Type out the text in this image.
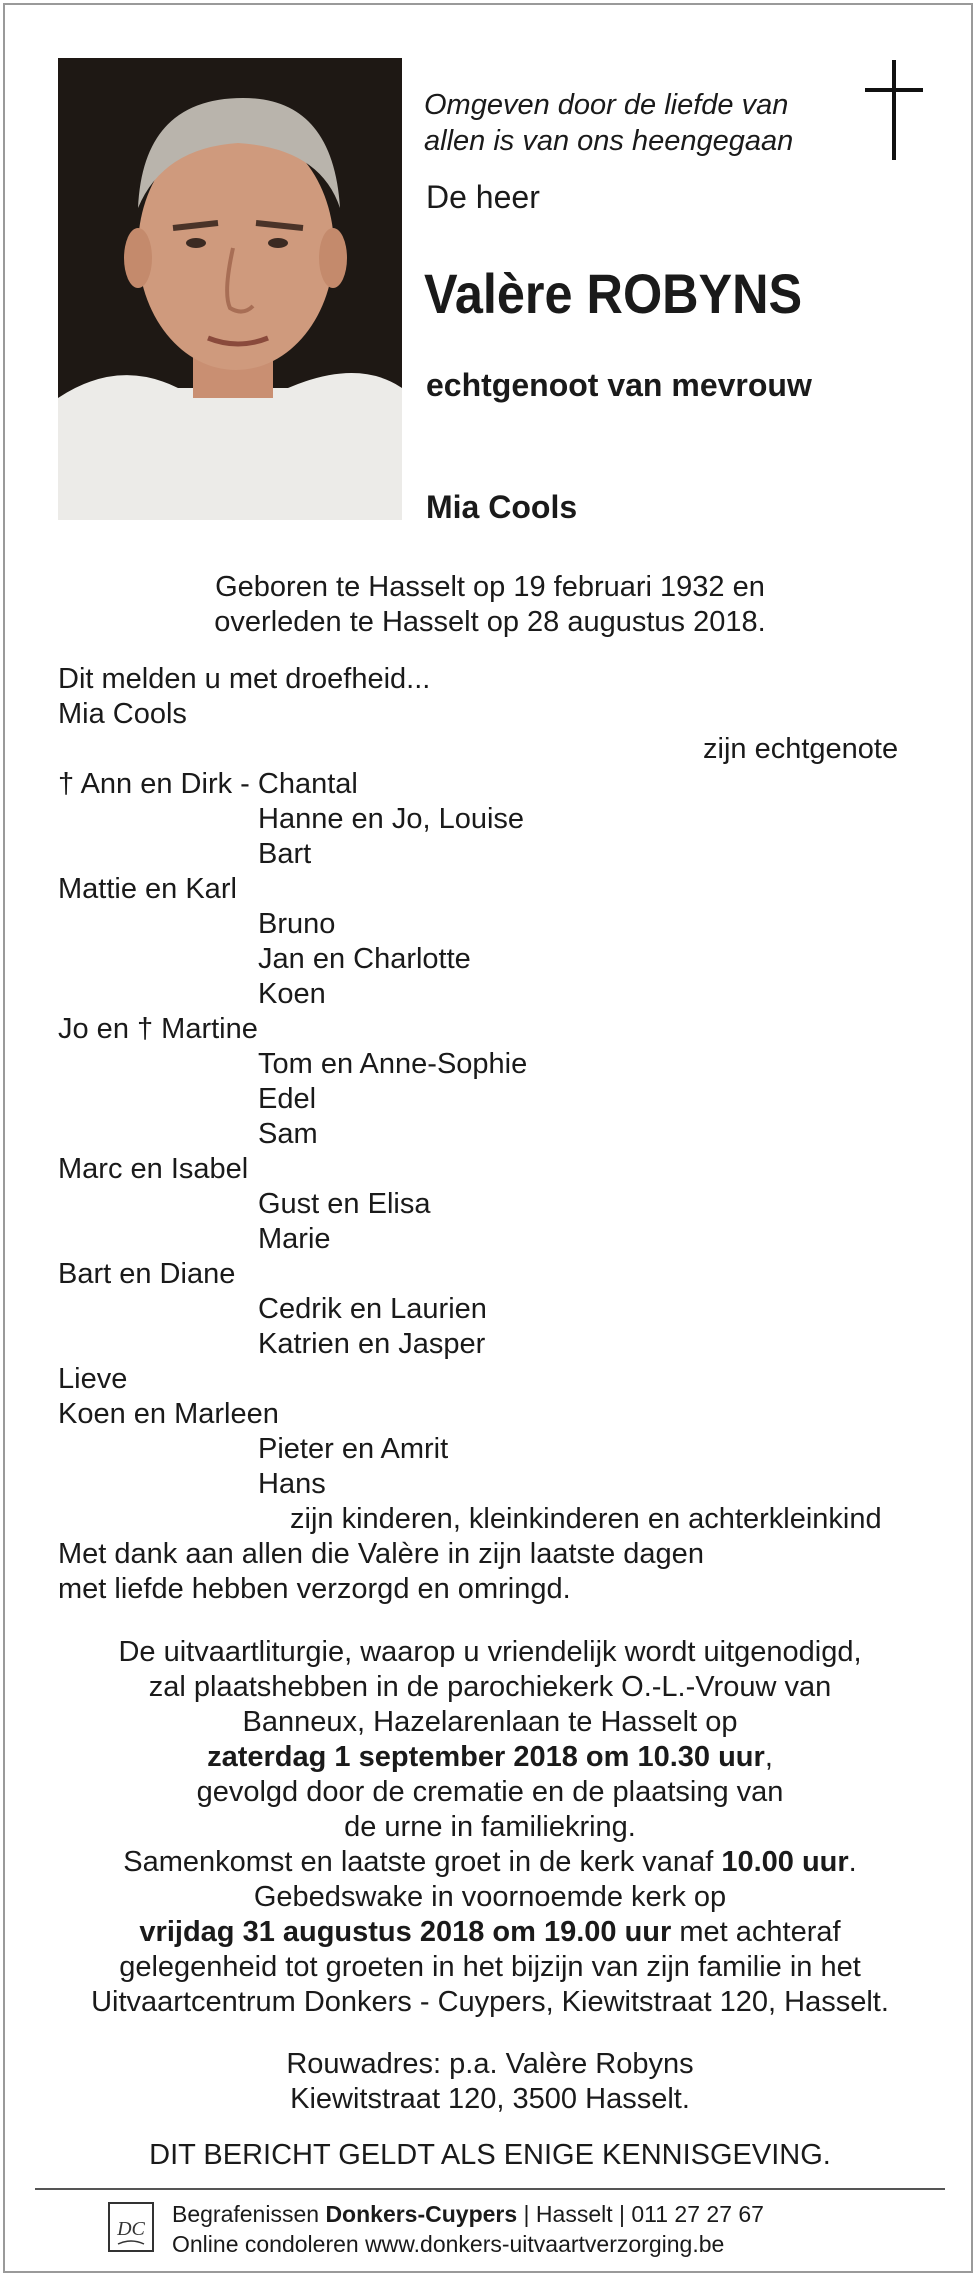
Omgeven door de liefde van
allen is van ons heengegaan
De heer
Valère ROBYNS
echtgenoot van mevrouw
Mia Cools
Geboren te Hasselt op 19 februari 1932 en
overleden te Hasselt op 28 augustus 2018.
Dit melden u met droefheid...
Mia Cools
zijn echtgenote
† Ann en Dirk - Chantal
Hanne en Jo, Louise
Bart
Mattie en Karl
Bruno
Jan en Charlotte
Koen
Jo en † Martine
Tom en Anne-Sophie
Edel
Sam
Marc en Isabel
Gust en Elisa
Marie
Bart en Diane
Cedrik en Laurien
Katrien en Jasper
Lieve
Koen en Marleen
Pieter en Amrit
Hans
zijn kinderen, kleinkinderen en achterkleinkind
Met dank aan allen die Valère in zijn laatste dagen
met liefde hebben verzorgd en omringd.
De uitvaartliturgie, waarop u vriendelijk wordt uitgenodigd,
zal plaatshebben in de parochiekerk O.-L.-Vrouw van
Banneux, Hazelarenlaan te Hasselt op
zaterdag 1 september 2018 om 10.30 uur,
gevolgd door de crematie en de plaatsing van
de urne in familiekring.
Samenkomst en laatste groet in de kerk vanaf 10.00 uur.
Gebedswake in voornoemde kerk op
vrijdag 31 augustus 2018 om 19.00 uur met achteraf
gelegenheid tot groeten in het bijzijn van zijn familie in het
Uitvaartcentrum Donkers - Cuypers, Kiewitstraat 120, Hasselt.
Rouwadres: p.a. Valère Robyns
Kiewitstraat 120, 3500 Hasselt.
DIT BERICHT GELDT ALS ENIGE KENNISGEVING.
DC
Begrafenissen Donkers-Cuypers | Hasselt | 011 27 27 67
Online condoleren www.donkers-uitvaartverzorging.be
